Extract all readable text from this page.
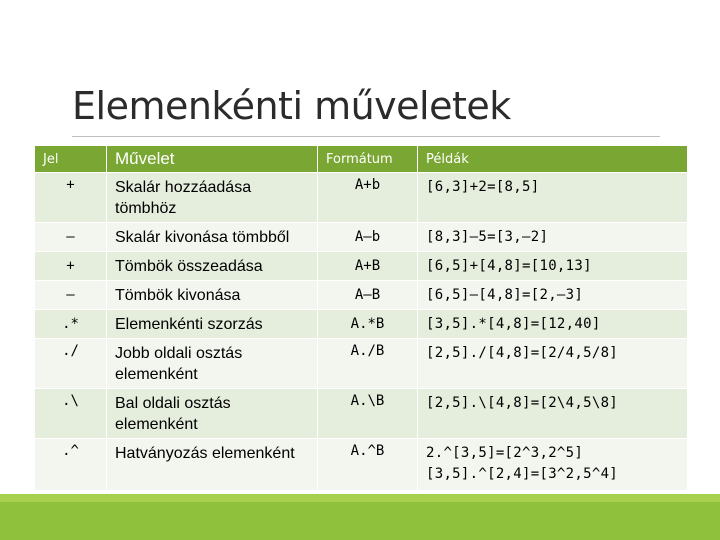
Elemenkénti műveletek
Jel	Művelet	Formátum	Példák
+	Skalár hozzáadása tömbhöz	A+b	[6,3]+2=[8,5]
–	Skalár kivonása tömbből	A–b	[8,3]–5=[3,–2]
+	Tömbök összeadása	A+B	[6,5]+[4,8]=[10,13]
–	Tömbök kivonása	A–B	[6,5]–[4,8]=[2,–3]
.*	Elemenkénti szorzás	A.*B	[3,5].*[4,8]=[12,40]
./	Jobb oldali osztás elemenként	A./B	[2,5]./[4,8]=[2/4,5/8]
.\	Bal oldali osztás elemenként	A.\B	[2,5].\[4,8]=[2\4,5\8]
.^	Hatványozás elemenként	A.^B	2.^[3,5]=[2^3,2^5]
[3,5].^[2,4]=[3^2,5^4]
